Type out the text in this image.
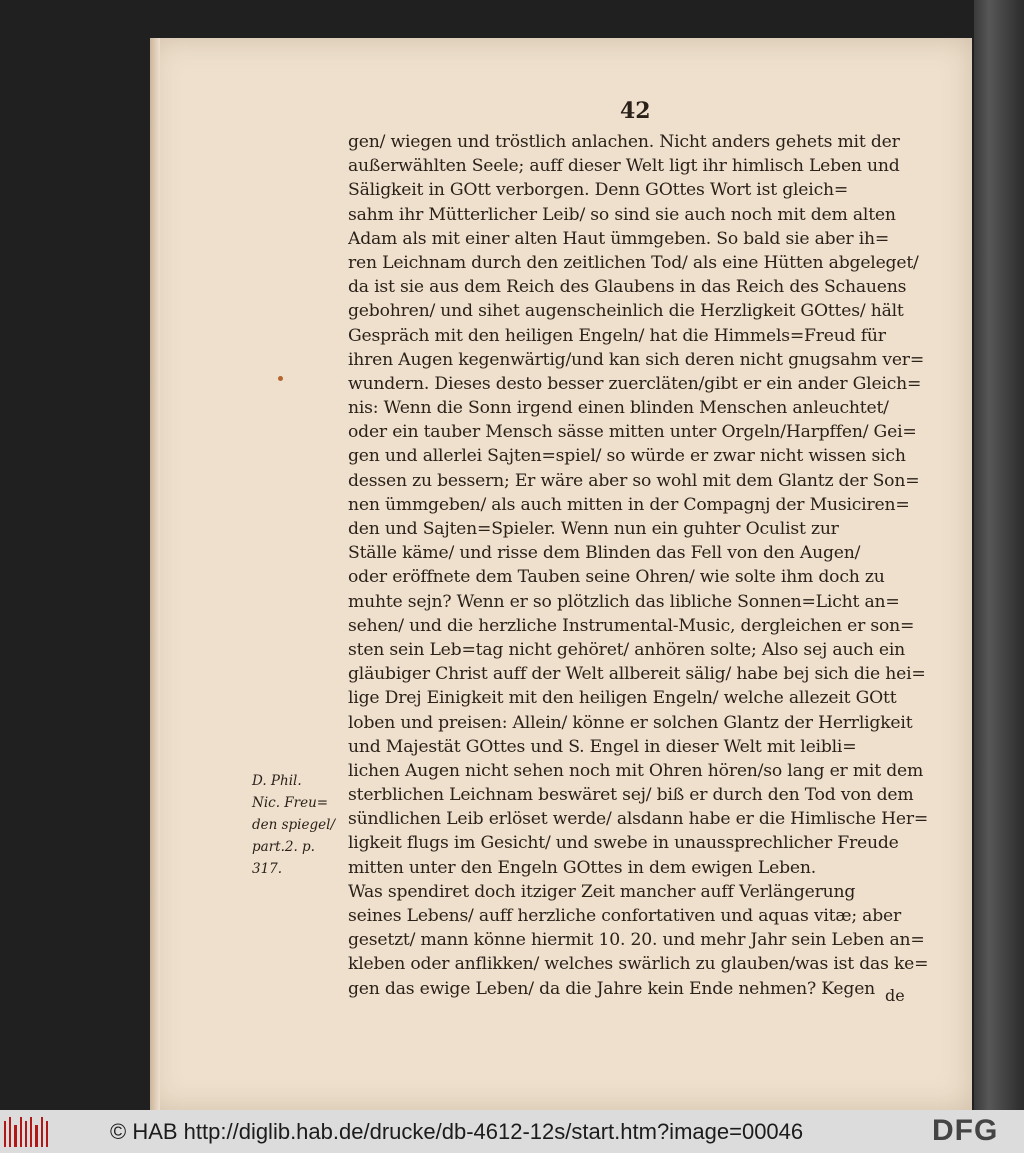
42
D. Phil.
Nic. Freu=
den spiegel/
part.2. p.
317.
gen/ wiegen und tröstlich anlachen. Nicht anders gehets mit der
außerwählten Seele; auff dieser Welt ligt ihr himlisch Leben und
Säligkeit in GOtt verborgen. Denn GOttes Wort ist gleich=
sahm ihr Mütterlicher Leib/ so sind sie auch noch mit dem alten
Adam als mit einer alten Haut ümmgeben. So bald sie aber ih=
ren Leichnam durch den zeitlichen Tod/ als eine Hütten abgeleget/
da ist sie aus dem Reich des Glaubens in das Reich des Schauens
gebohren/ und sihet augenscheinlich die Herzligkeit GOttes/ hält
Gespräch mit den heiligen Engeln/ hat die Himmels=Freud für
ihren Augen kegenwärtig/und kan sich deren nicht gnugsahm ver=
wundern. Dieses desto besser zuercläten/gibt er ein ander Gleich=
nis: Wenn die Sonn irgend einen blinden Menschen anleuchtet/
oder ein tauber Mensch sässe mitten unter Orgeln/Harpffen/ Gei=
gen und allerlei Sajten=spiel/ so würde er zwar nicht wissen sich
dessen zu bessern; Er wäre aber so wohl mit dem Glantz der Son=
nen ümmgeben/ als auch mitten in der Compagnj der Musiciren=
den und Sajten=Spieler. Wenn nun ein guhter Oculist zur
Ställe käme/ und risse dem Blinden das Fell von den Augen/
oder eröffnete dem Tauben seine Ohren/ wie solte ihm doch zu
muhte sejn? Wenn er so plötzlich das libliche Sonnen=Licht an=
sehen/ und die herzliche Instrumental-Music, dergleichen er son=
sten sein Leb=tag nicht gehöret/ anhören solte; Also sej auch ein
gläubiger Christ auff der Welt allbereit sälig/ habe bej sich die hei=
lige Drej Einigkeit mit den heiligen Engeln/ welche allezeit GOtt
loben und preisen: Allein/ könne er solchen Glantz der Herrligkeit
und Majestät GOttes und S. Engel in dieser Welt mit leibli=
lichen Augen nicht sehen noch mit Ohren hören/so lang er mit dem
sterblichen Leichnam beswäret sej/ biß er durch den Tod von dem
sündlichen Leib erlöset werde/ alsdann habe er die Himlische Her=
ligkeit flugs im Gesicht/ und swebe in unaussprechlicher Freude
mitten unter den Engeln GOttes in dem ewigen Leben.
Was spendiret doch itziger Zeit mancher auff Verlängerung
seines Lebens/ auff herzliche confortativen und aquas vitæ; aber
gesetzt/ mann könne hiermit 10. 20. und mehr Jahr sein Leben an=
kleben oder anflikken/ welches swärlich zu glauben/was ist das ke=
gen das ewige Leben/ da die Jahre kein Ende nehmen? Kegen de
© HAB http://diglib.hab.de/drucke/db-4612-12s/start.htm?image=00046	DFG
